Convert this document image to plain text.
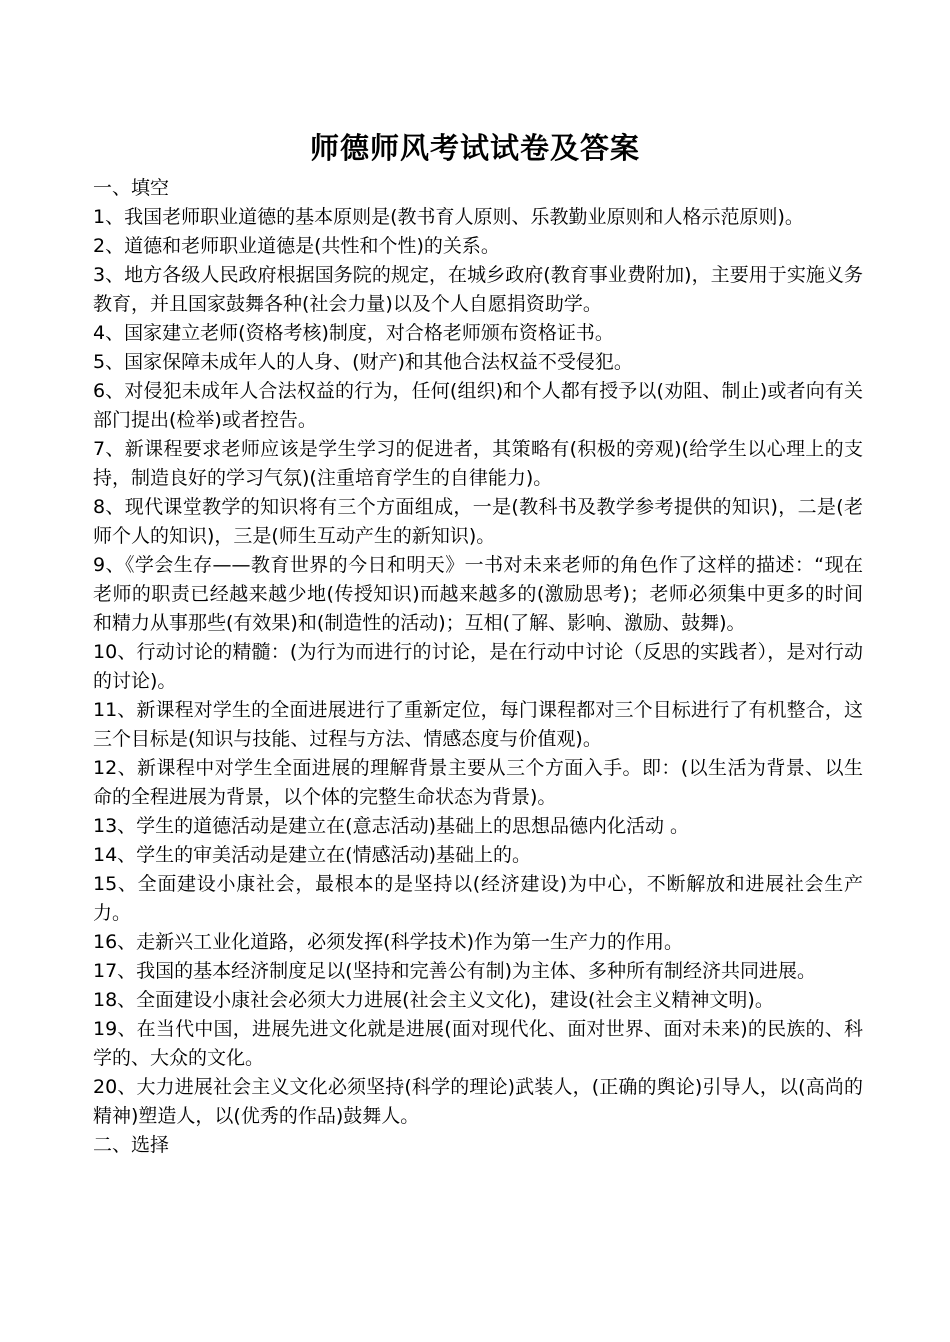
师德师风考试试卷及答案
一、填空
1、我国老师职业道德的基本原则是(教书育人原则、乐教勤业原则和人格示范原则)。
2、道德和老师职业道德是(共性和个性)的关系。
3、地方各级人民政府根据国务院的规定，在城乡政府(教育事业费附加)，主要用于实施义务教育，并且国家鼓舞各种(社会力量)以及个人自愿捐资助学。
4、国家建立老师(资格考核)制度，对合格老师颁布资格证书。
5、国家保障未成年人的人身、(财产)和其他合法权益不受侵犯。
6、对侵犯未成年人合法权益的行为，任何(组织)和个人都有授予以(劝阻、制止)或者向有关部门提出(检举)或者控告。
7、新课程要求老师应该是学生学习的促进者，其策略有(积极的旁观)(给学生以心理上的支持，制造良好的学习气氛)(注重培育学生的自律能力)。
8、现代课堂教学的知识将有三个方面组成，一是(教科书及教学参考提供的知识)，二是(老师个人的知识)，三是(师生互动产生的新知识)。
9、《学会生存——教育世界的今日和明天》一书对未来老师的角色作了这样的描述：“现在老师的职责已经越来越少地(传授知识)而越来越多的(激励思考)；老师必须集中更多的时间和精力从事那些(有效果)和(制造性的活动)；互相(了解、影响、激励、鼓舞)。
10、行动讨论的精髓：(为行为而进行的讨论，是在行动中讨论（反思的实践者），是对行动的讨论)。
11、新课程对学生的全面进展进行了重新定位，每门课程都对三个目标进行了有机整合，这三个目标是(知识与技能、过程与方法、情感态度与价值观)。
12、新课程中对学生全面进展的理解背景主要从三个方面入手。即：(以生活为背景、以生命的全程进展为背景，以个体的完整生命状态为背景)。
13、学生的道德活动是建立在(意志活动)基础上的思想品德内化活动 。
14、学生的审美活动是建立在(情感活动)基础上的。
15、全面建设小康社会，最根本的是坚持以(经济建设)为中心，不断解放和进展社会生产力。
16、走新兴工业化道路，必须发挥(科学技术)作为第一生产力的作用。
17、我国的基本经济制度足以(坚持和完善公有制)为主体、多种所有制经济共同进展。
18、全面建设小康社会必须大力进展(社会主义文化)，建设(社会主义精神文明)。
19、在当代中国，进展先进文化就是进展(面对现代化、面对世界、面对未来)的民族的、科学的、大众的文化。
20、大力进展社会主义文化必须坚持(科学的理论)武装人，(正确的舆论)引导人，以(高尚的精神)塑造人，以(优秀的作品)鼓舞人。
二、选择
